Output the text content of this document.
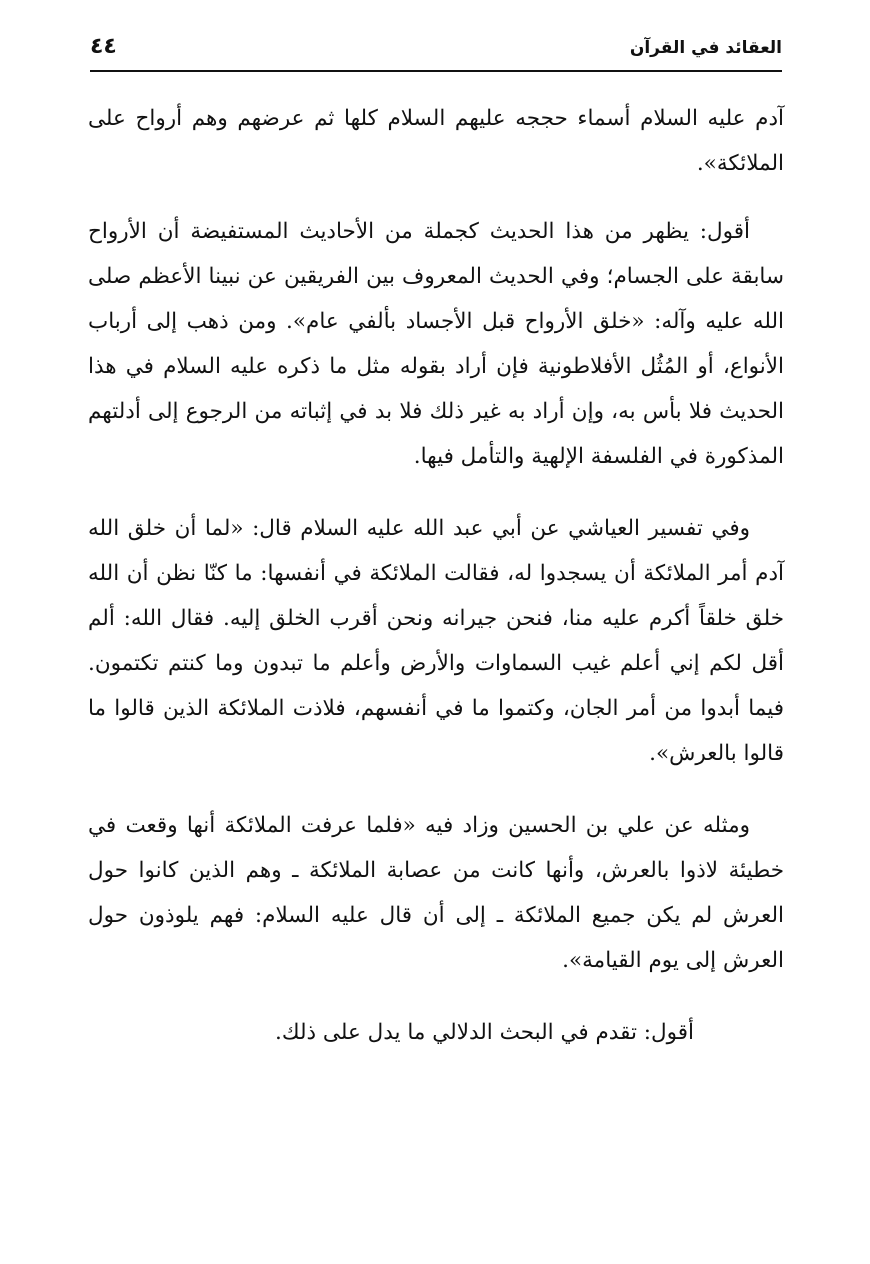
٤٤	العقائد في القرآن

آدم عليه السلام أسماء حججه عليهم السلام كلها ثم عرضهم وهم أرواح على الملائكة».

أقول: يظهر من هذا الحديث كجملة من الأحاديث المستفيضة أن الأرواح سابقة على الجسام؛ وفي الحديث المعروف بين الفريقين عن نبينا الأعظم صلى الله عليه وآله: «خلق الأرواح قبل الأجساد بألفي عام». ومن ذهب إلى أرباب الأنواع، أو المُثُل الأفلاطونية فإن أراد بقوله مثل ما ذكره عليه السلام في هذا الحديث فلا بأس به، وإن أراد به غير ذلك فلا بد في إثباته من الرجوع إلى أدلتهم المذكورة في الفلسفة الإلهية والتأمل فيها.

وفي تفسير العياشي عن أبي عبد الله عليه السلام قال: «لما أن خلق الله آدم أمر الملائكة أن يسجدوا له، فقالت الملائكة في أنفسها: ما كنّا نظن أن الله خلق خلقاً أكرم عليه منا، فنحن جيرانه ونحن أقرب الخلق إليه. فقال الله: ألم أقل لكم إني أعلم غيب السماوات والأرض وأعلم ما تبدون وما كنتم تكتمون. فيما أبدوا من أمر الجان، وكتموا ما في أنفسهم، فلاذت الملائكة الذين قالوا ما قالوا بالعرش».

ومثله عن علي بن الحسين وزاد فيه «فلما عرفت الملائكة أنها وقعت في خطيئة لاذوا بالعرش، وأنها كانت من عصابة الملائكة ـ وهم الذين كانوا حول العرش لم يكن جميع الملائكة ـ إلى أن قال عليه السلام: فهم يلوذون حول العرش إلى يوم القيامة».

أقول: تقدم في البحث الدلالي ما يدل على ذلك.
